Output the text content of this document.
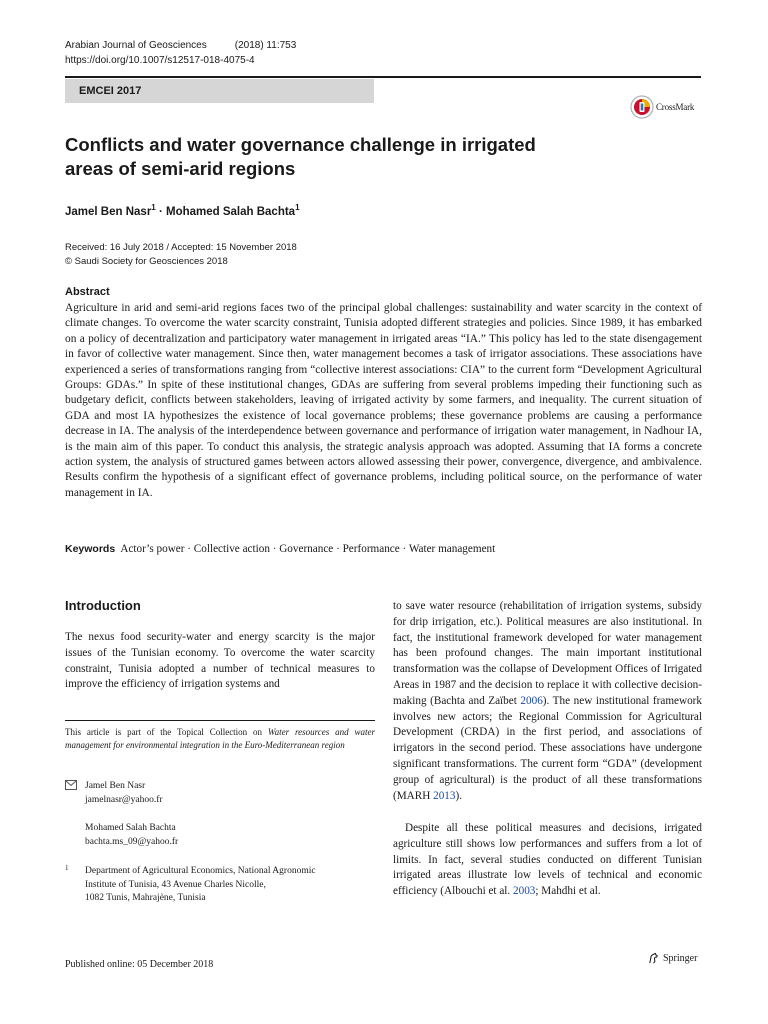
Arabian Journal of Geosciences	(2018) 11:753
https://doi.org/10.1007/s12517-018-4075-4
EMCEI 2017
CrossMark
Conflicts and water governance challenge in irrigated areas of semi-arid regions
Jamel Ben Nasr$^1$ · Mohamed Salah Bachta$^1$
Received: 16 July 2018 / Accepted: 15 November 2018
© Saudi Society for Geosciences 2018
Abstract

Agriculture in arid and semi-arid regions faces two of the principal global challenges: sustainability and water scarcity in the context of climate changes. To overcome the water scarcity constraint, Tunisia adopted different strategies and policies. Since 1989, it has embarked on a policy of decentralization and participatory water management in irrigated areas “IA.” This policy has led to the state disengagement in favor of collective water management. Since then, water management becomes a task of irrigator associations. These associations have experienced a series of transformations ranging from “collective interest associations: CIA” to the current form “Development Agricultural Groups: GDAs.” In spite of these institutional changes, GDAs are suffering from several problems impeding their functioning such as budgetary deficit, conflicts between stakeholders, leaving of irrigated activity by some farmers, and inequality. The current situation of GDA and most IA hypothesizes the existence of local governance problems; these governance problems are causing a performance decrease in IA. The analysis of the interdependence between governance and performance of irrigation water management, in Nadhour IA, is the main aim of this paper. To conduct this analysis, the strategic analysis approach was adopted. Assuming that IA forms a concrete action system, the analysis of structured games between actors allowed assessing their power, convergence, divergence, and ambivalence. Results confirm the hypothesis of a significant effect of governance problems, including political source, on the performance of water management in IA.

Keywords Actor’s power · Collective action · Governance · Performance · Water management
Introduction

The nexus food security-water and energy scarcity is the major issues of the Tunisian economy. To overcome the water scarcity constraint, Tunisia adopted a number of technical measures to improve the efficiency of irrigation systems and

This article is part of the Topical Collection on Water resources and water management for environmental integration in the Euro-Mediterranean region

Jamel Ben Nasr
jamelnasr@yahoo.fr
Mohamed Salah Bachta
bachta.ms_09@yahoo.fr
1 Department of Agricultural Economics, National Agronomic
Institute of Tunisia, 43 Avenue Charles Nicolle,
1082 Tunis, Mahrajène, Tunisia

Published online: 05 December 2018

to save water resource (rehabilitation of irrigation systems, subsidy for drip irrigation, etc.). Political measures are also institutional. In fact, the institutional framework developed for water management has been profound changes. The main important institutional transformation was the collapse of Development Offices of Irrigated Areas in 1987 and the decision to replace it with collective decision-making (Bachta and Zaïbet 2006). The new institutional framework involves new actors; the Regional Commission for Agricultural Development (CRDA) in the first period, and associations of irrigators in the second period. These associations have undergone significant transformations. The current form “GDA” (development group of agricultural) is the product of all these transformations (MARH 2013).

Despite all these political measures and decisions, irrigated agriculture still shows low performances and suffers from a lot of limits. In fact, several studies conducted on different Tunisian irrigated areas illustrate low levels of technical and economic efficiency (Albouchi et al. 2003; Mahdhi et al.

Springer
